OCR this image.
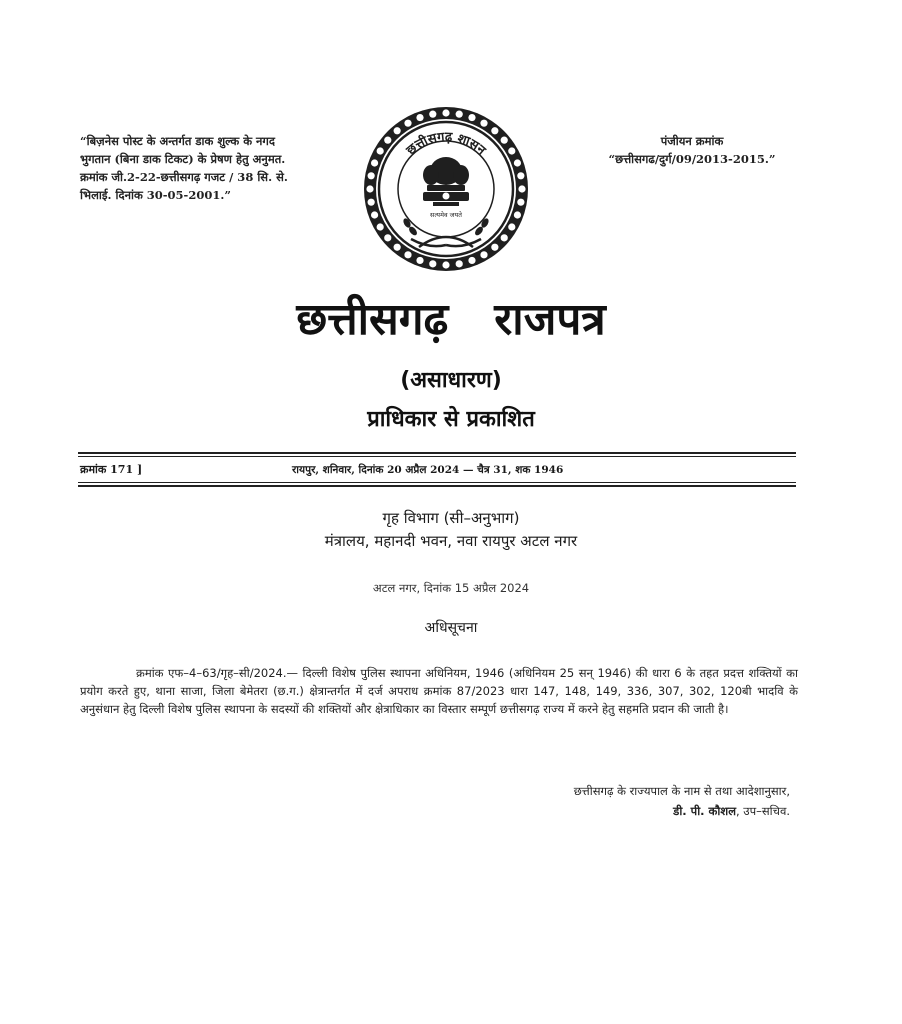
“बिज़नेस पोस्ट के अन्तर्गत डाक शुल्क के नगद भुगतान (बिना डाक टिकट) के प्रेषण हेतु अनुमत. क्रमांक जी.2-22-छत्तीसगढ़ गजट / 38 सि. से. भिलाई. दिनांक 30-05-2001.”
पंजीयन क्रमांक
“छत्तीसगढ/दुर्ग/09/2013-2015.”
छत्तीसगढ़ शासन
सत्यमेव जयते
छत्तीसगढ़ राजपत्र
(असाधारण)
प्राधिकार से प्रकाशित
क्रमांक 171 ]	रायपुर, शनिवार, दिनांक 20 अप्रैल 2024 — चैत्र 31, शक 1946
गृह विभाग (सी–अनुभाग)
मंत्रालय, महानदी भवन, नवा रायपुर अटल नगर
अटल नगर, दिनांक 15 अप्रैल 2024
अधिसूचना
क्रमांक एफ–4–63/गृह–सी/2024.— दिल्ली विशेष पुलिस स्थापना अधिनियम, 1946 (अधिनियम 25 सन् 1946) की धारा 6 के तहत प्रदत्त शक्तियों का प्रयोग करते हुए, थाना साजा, जिला बेमेतरा (छ.ग.) क्षेत्रान्तर्गत में दर्ज अपराध क्रमांक 87/2023 धारा 147, 148, 149, 336, 307, 302, 120बी भादवि के अनुसंधान हेतु दिल्ली विशेष पुलिस स्थापना के सदस्यों की शक्तियों और क्षेत्राधिकार का विस्तार सम्पूर्ण छत्तीसगढ़ राज्य में करने हेतु सहमति प्रदान की जाती है।
छत्तीसगढ़ के राज्यपाल के नाम से तथा आदेशानुसार,
डी. पी. कौशल, उप–सचिव.
